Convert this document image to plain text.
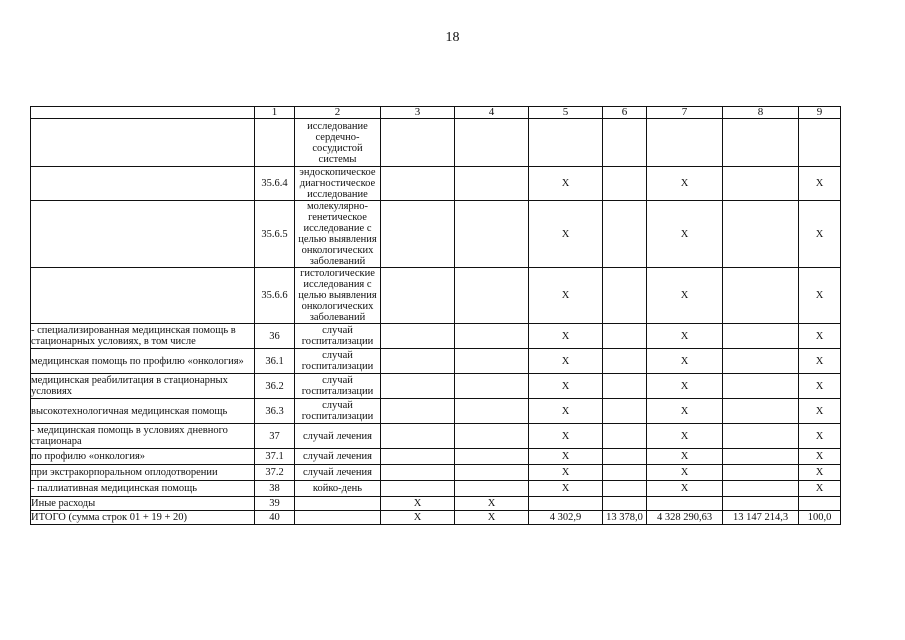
18
	1	2	3	4	5	6	7	8	9
		исследование сердечно-сосудистой системы							
	35.6.4	эндоскопическое диагностическое исследование			X		X		X
	35.6.5	молекулярно-генетическое исследование с целью выявления онкологических заболеваний			X		X		X
	35.6.6	гистологические исследования с целью выявления онкологических заболеваний			X		X		X
- специализированная медицинская помощь в стационарных условиях, в том числе	36	случай госпитализации			X		X		X
медицинская помощь по профилю «онкология»	36.1	случай госпитализации			X		X		X
медицинская реабилитация в стационарных условиях	36.2	случай госпитализации			X		X		X
высокотехнологичная медицинская помощь	36.3	случай госпитализации			X		X		X
- медицинская помощь в условиях дневного стационара	37	случай лечения			X		X		X
по профилю «онкология»	37.1	случай лечения			X		X		X
при экстракорпоральном оплодотворении	37.2	случай лечения			X		X		X
- паллиативная медицинская помощь	38	койко-день			X		X		X
Иные расходы	39		X	X					
ИТОГО (сумма строк 01 + 19 + 20)	40		X	X	4 302,9	13 378,0	4 328 290,63	13 147 214,3	100,0
